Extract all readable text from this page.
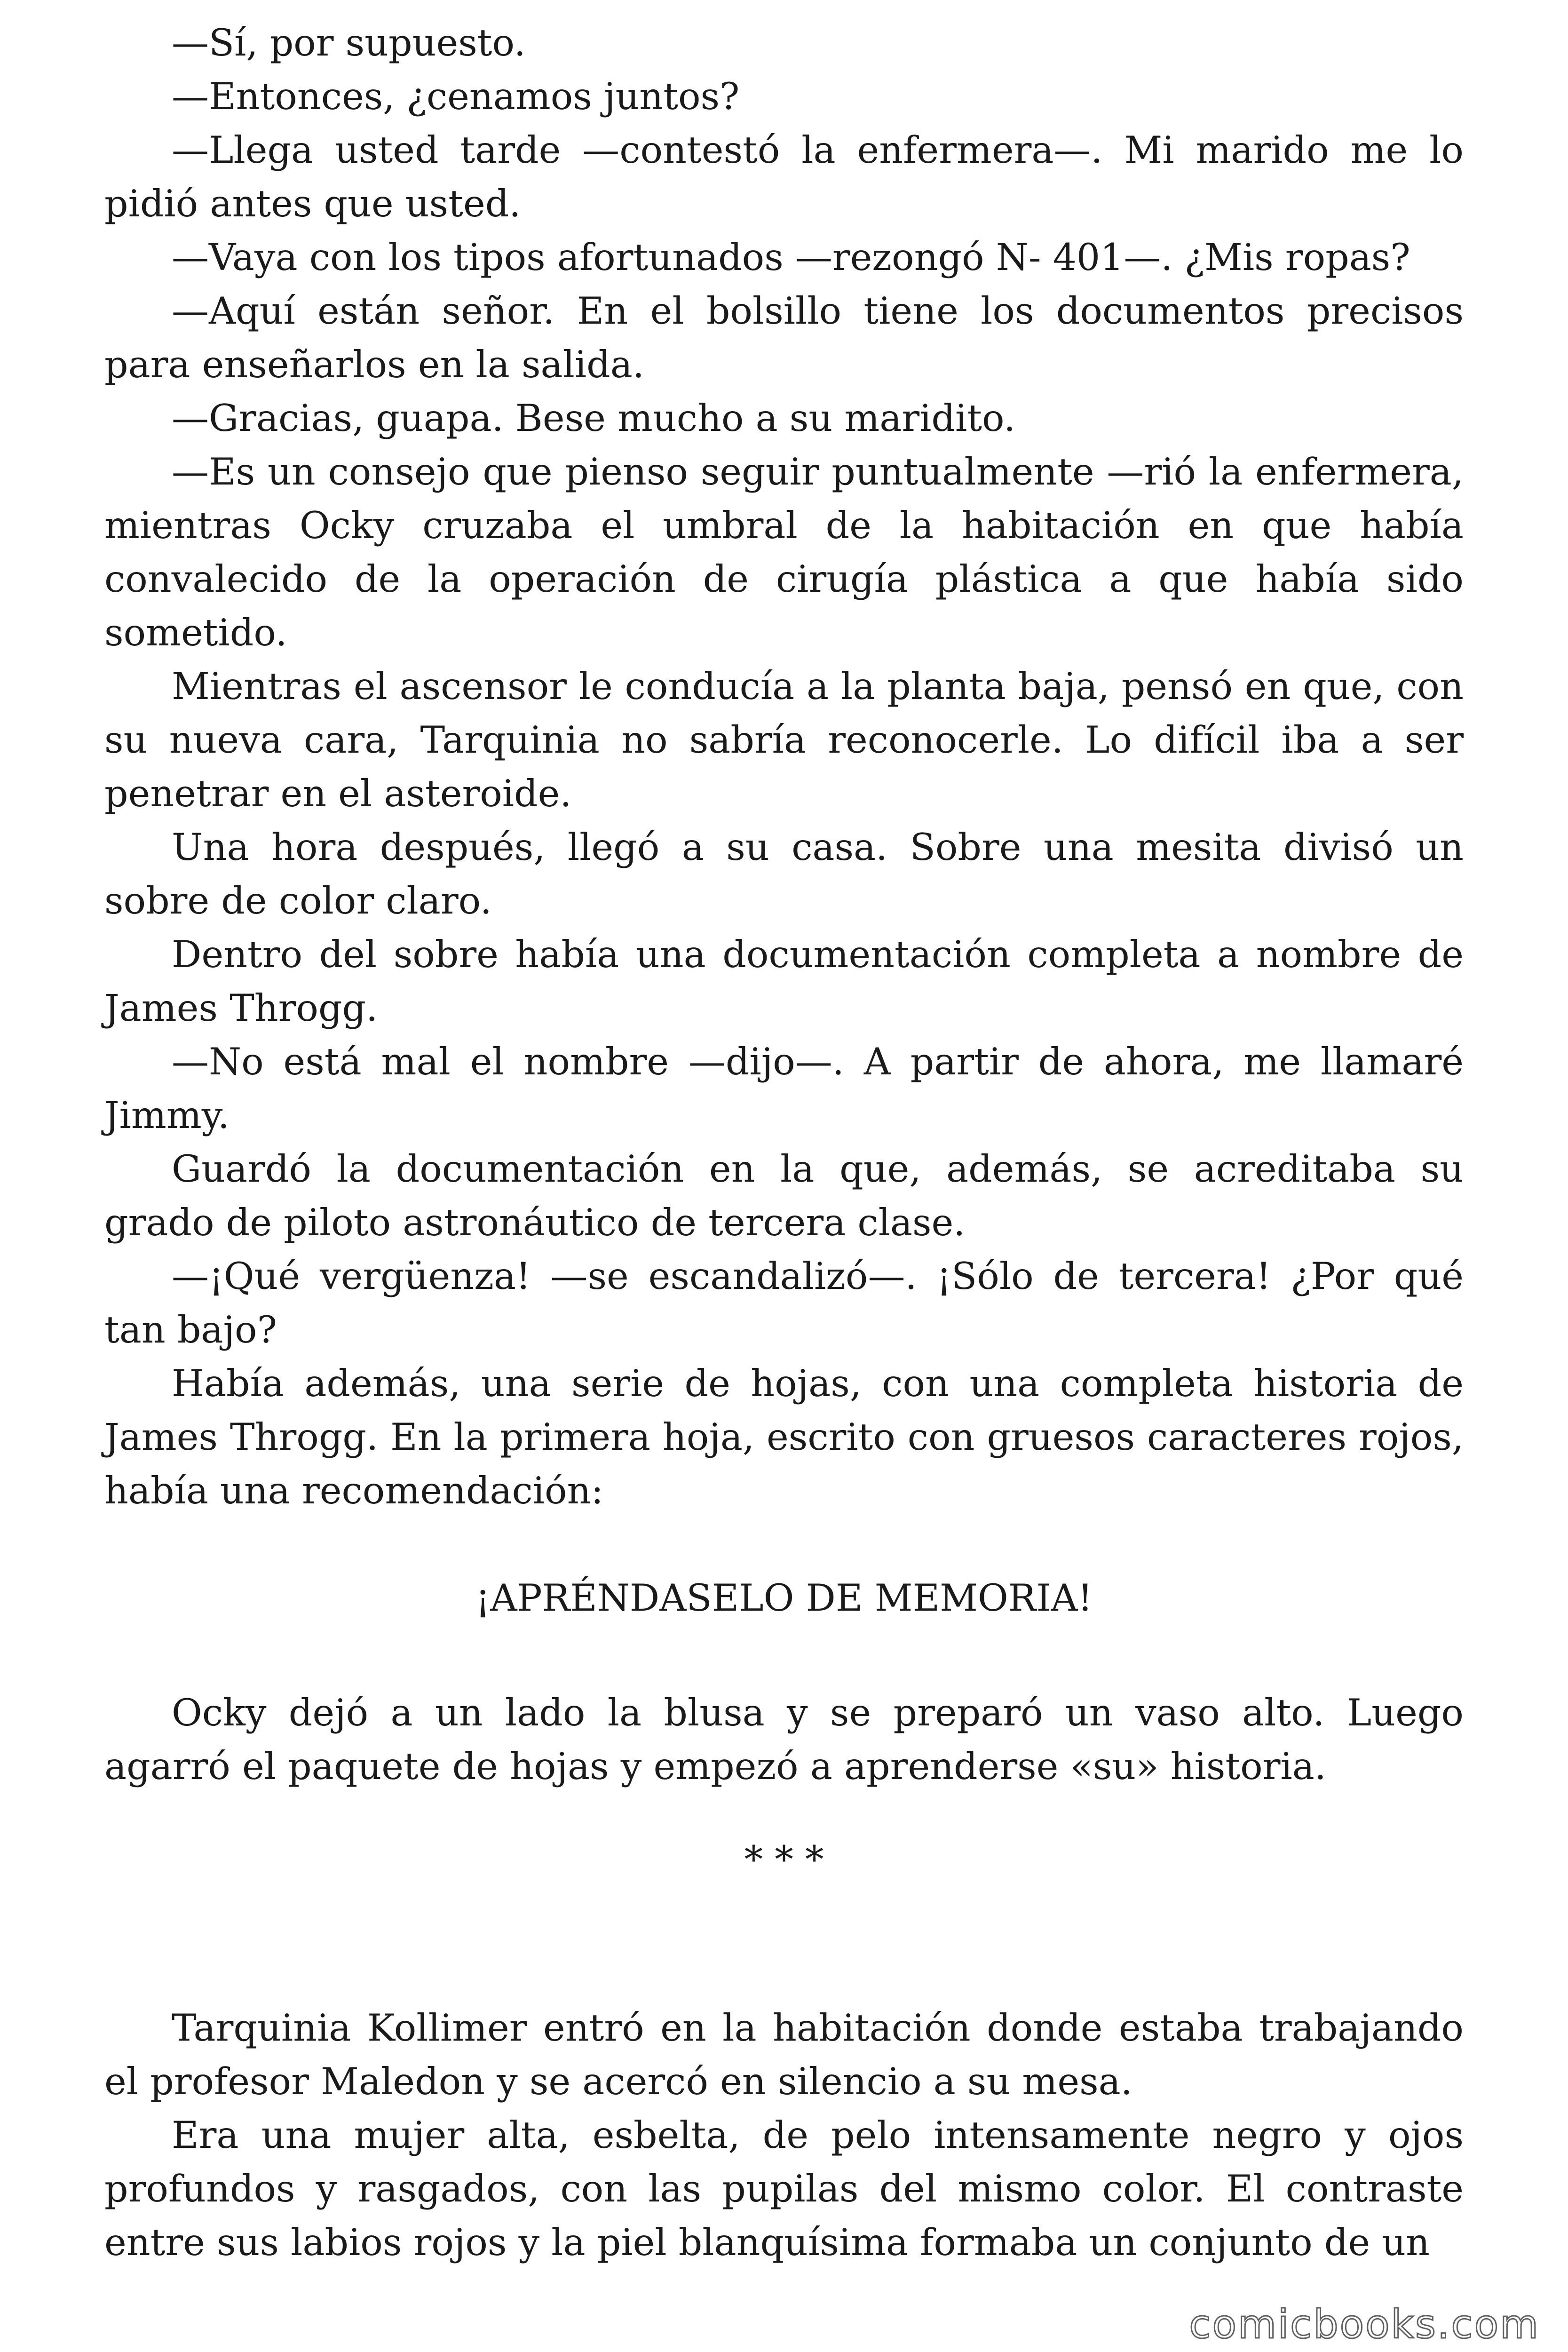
—Sí, por supuesto.

—Entonces, ¿cenamos juntos?

—Llega usted tarde —contestó la enfermera—. Mi marido me lo pidió antes que usted.

—Vaya con los tipos afortunados —rezongó N- 401—. ¿Mis ropas?

—Aquí están señor. En el bolsillo tiene los documentos precisos para enseñarlos en la salida.

—Gracias, guapa. Bese mucho a su maridito.

—Es un consejo que pienso seguir puntualmente —rió la enfermera, mientras Ocky cruzaba el umbral de la habitación en que había convalecido de la operación de cirugía plástica a que había sido sometido.

Mientras el ascensor le conducía a la planta baja, pensó en que, con su nueva cara, Tarquinia no sabría reconocerle. Lo difícil iba a ser penetrar en el asteroide.

Una hora después, llegó a su casa. Sobre una mesita divisó un sobre de color claro.

Dentro del sobre había una documentación completa a nombre de James Throgg.

—No está mal el nombre —dijo—. A partir de ahora, me llamaré Jimmy.

Guardó la documentación en la que, además, se acreditaba su grado de piloto astronáutico de tercera clase.

—¡Qué vergüenza! —se escandalizó—. ¡Sólo de tercera! ¿Por qué tan bajo?

Había además, una serie de hojas, con una completa historia de James Throgg. En la primera hoja, escrito con gruesos caracteres rojos, había una recomendación:

¡APRÉNDASELO DE MEMORIA!

Ocky dejó a un lado la blusa y se preparó un vaso alto. Luego agarró el paquete de hojas y empezó a aprenderse «su» historia.

* * *

Tarquinia Kollimer entró en la habitación donde estaba trabajando el profesor Maledon y se acercó en silencio a su mesa.

Era una mujer alta, esbelta, de pelo intensamente negro y ojos profundos y rasgados, con las pupilas del mismo color. El contraste entre sus labios rojos y la piel blanquísima formaba un conjunto de un

comicbooks.com
